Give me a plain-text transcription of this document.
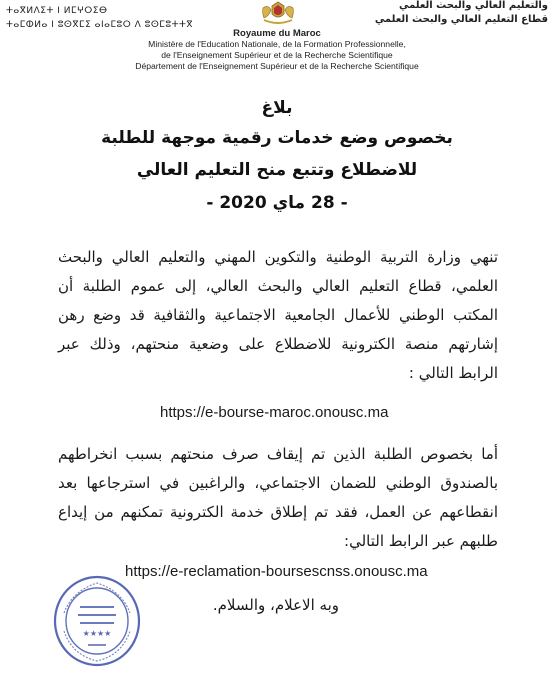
ⵜⴰⴳⵍⴷⵉⵜ ⵏ ⵍⵎⵖⵔⵉⴱ
ⵜⴰⵎⵀⵍⴰ ⵏ ⵓⵙⴳⵎⵉ ⴰⵏⴰⵎⵓⵔ ⴷ ⵓⵙⵎⵓⵜⵜⴳ
والتعليم العالي والبحث العلمي
قطاع التعليم العالي والبحث العلمي
Royaume du Maroc
Ministère de l'Education Nationale, de la Formation Professionnelle,
de l'Enseignement Supérieur et de la Recherche Scientifique
Département de l'Enseignement Supérieur et de la Recherche Scientifique
بلاغ
بخصوص وضع خدمات رقمية موجهة للطلبة
للاضطلاع وتتبع منح التعليم العالي
- 28 ماي 2020 -
تنهي وزارة التربية الوطنية والتكوين المهني والتعليم العالي والبحث العلمي، قطاع التعليم العالي والبحث العالي، إلى عموم الطلبة أن المكتب الوطني للأعمال الجامعية الاجتماعية والثقافية قد وضع رهن إشارتهم منصة الكترونية للاضطلاع على وضعية منحتهم، وذلك عبر الرابط التالي :
https://e-bourse-maroc.onousc.ma
أما بخصوص الطلبة الذين تم إيقاف صرف منحتهم بسبب انخراطهم بالصندوق الوطني للضمان الاجتماعي، والراغبين في استرجاعها بعد انقطاعهم عن العمل، فقد تم إطلاق خدمة الكترونية تمكنهم من إيداع طلبهم عبر الرابط التالي:
https://e-reclamation-boursescnss.onousc.ma
وبه الاعلام، والسلام.
★★★★
